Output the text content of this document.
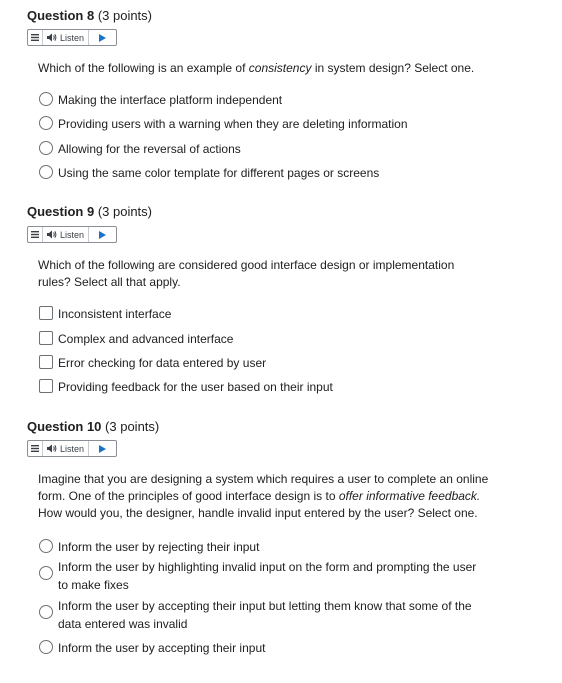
Question 8 (3 points)
Listen
Which of the following is an example of consistency in system design? Select one.
Making the interface platform independent
Providing users with a warning when they are deleting information
Allowing for the reversal of actions
Using the same color template for different pages or screens
Question 9 (3 points)
Listen
Which of the following are considered good interface design or implementation rules? Select all that apply.
Inconsistent interface
Complex and advanced interface
Error checking for data entered by user
Providing feedback for the user based on their input
Question 10 (3 points)
Listen
Imagine that you are designing a system which requires a user to complete an online form. One of the principles of good interface design is to offer informative feedback. How would you, the designer, handle invalid input entered by the user? Select one.
Inform the user by rejecting their input
Inform the user by highlighting invalid input on the form and prompting the user to make fixes
Inform the user by accepting their input but letting them know that some of the data entered was invalid
Inform the user by accepting their input
